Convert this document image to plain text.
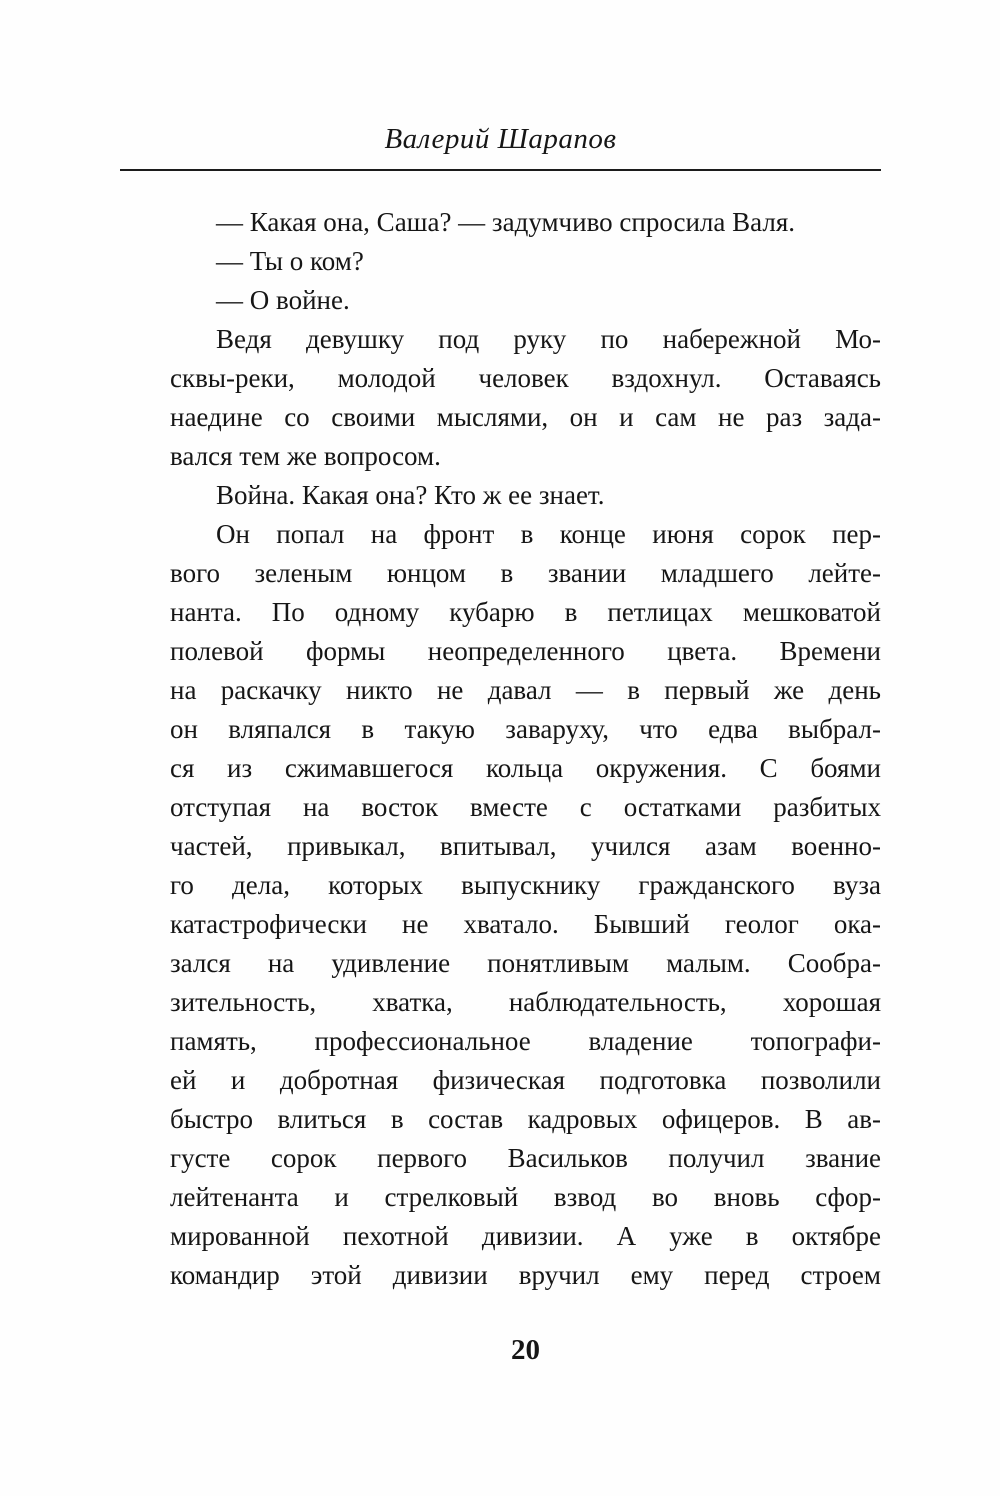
Валерий Шарапов
— Какая она, Саша? — задумчиво спросила Валя.
— Ты о ком?
— О войне.
Ведя девушку под руку по набережной Мо-
сквы-реки, молодой человек вздохнул. Оставаясь
наедине со своими мыслями, он и сам не раз зада-
вался тем же вопросом.
Война. Какая она? Кто ж ее знает.
Он попал на фронт в конце июня сорок пер-
вого зеленым юнцом в звании младшего лейте-
нанта. По одному кубарю в петлицах мешковатой
полевой формы неопределенного цвета. Времени
на раскачку никто не давал — в первый же день
он вляпался в такую заваруху, что едва выбрал-
ся из сжимавшегося кольца окружения. С боями
отступая на восток вместе с остатками разбитых
частей, привыкал, впитывал, учился азам военно-
го дела, которых выпускнику гражданского вуза
катастрофически не хватало. Бывший геолог ока-
зался на удивление понятливым малым. Сообра-
зительность, хватка, наблюдательность, хорошая
память, профессиональное владение топографи-
ей и добротная физическая подготовка позволили
быстро влиться в состав кадровых офицеров. В ав-
густе сорок первого Васильков получил звание
лейтенанта и стрелковый взвод во вновь сфор-
мированной пехотной дивизии. А уже в октябре
командир этой дивизии вручил ему перед строем
20
